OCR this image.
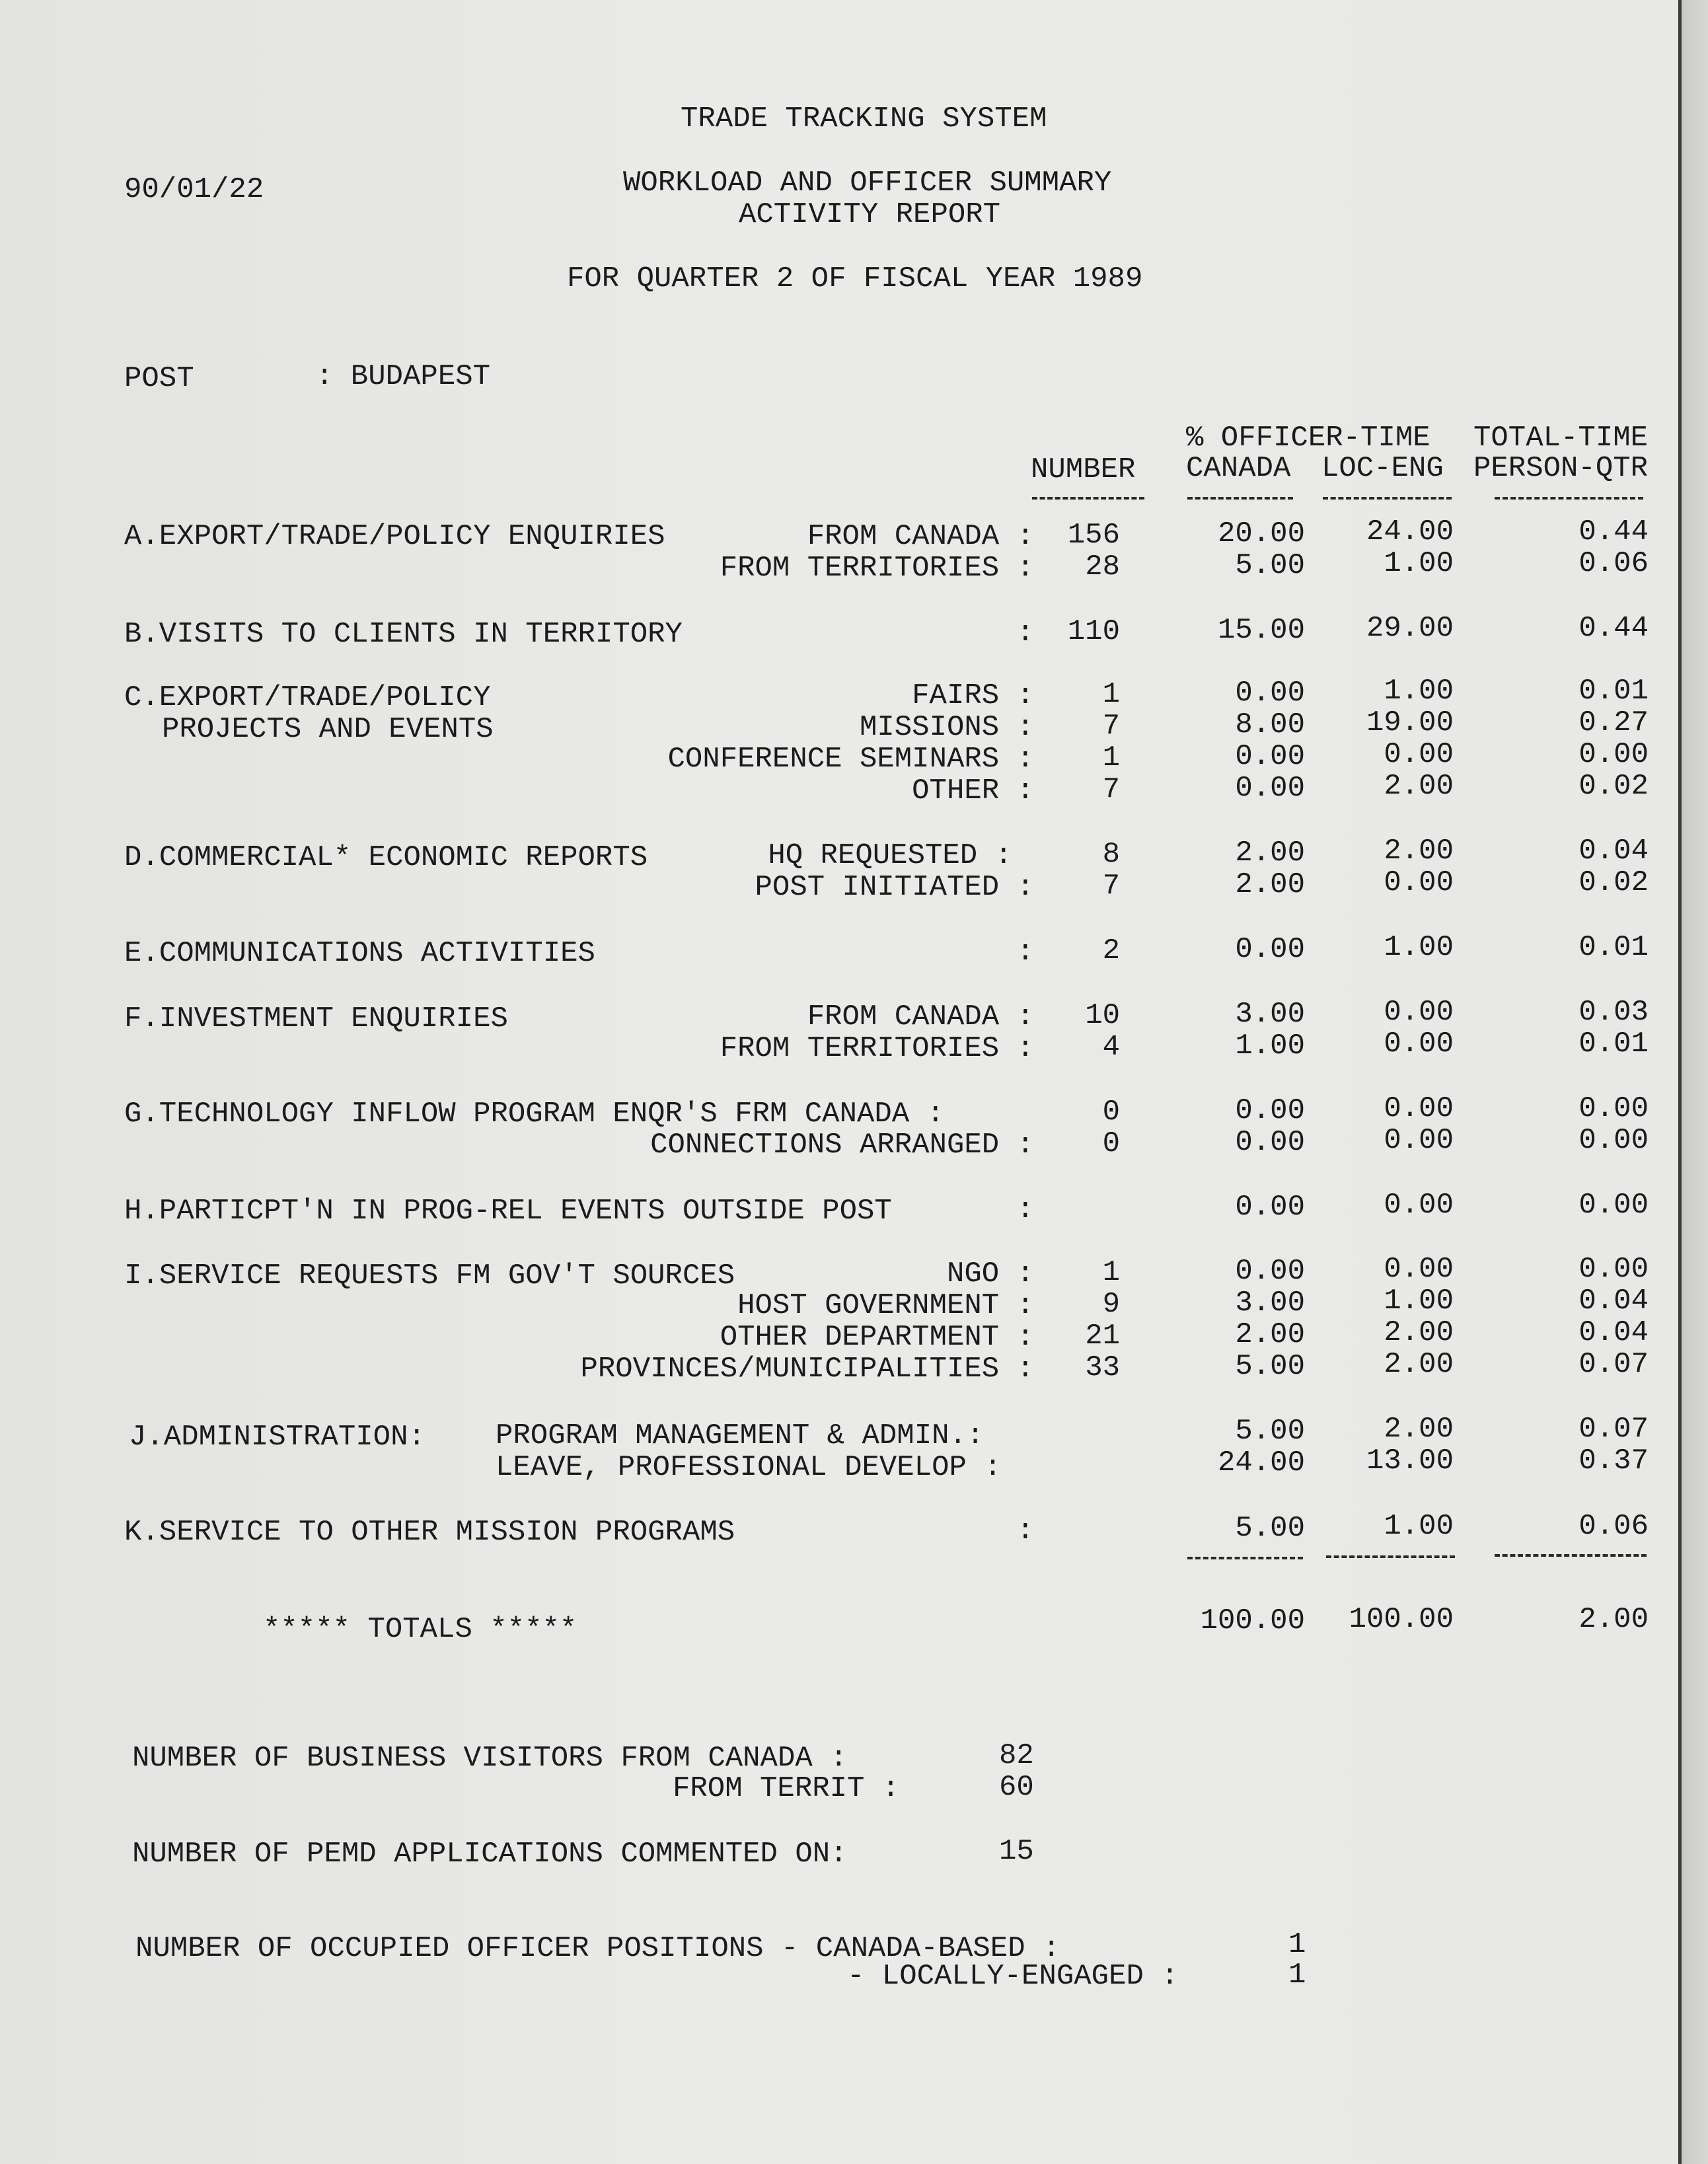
TRADE TRACKING SYSTEM
90/01/22	WORKLOAD AND OFFICER SUMMARY
ACTIVITY REPORT
FOR QUARTER 2 OF FISCAL YEAR 1989
POST	: BUDAPEST
% OFFICER-TIME TOTAL-TIME
NUMBER CANADA LOC-ENG PERSON-QTR
A.EXPORT/TRADE/POLICY ENQUIRIES	FROM CANADA : 156	20.00 24.00	0.44
FROM TERRITORIES : 28	5.00	1.00	0.06
B.VISITS TO CLIENTS IN TERRITORY	: 110	15.00 29.00	0.44
C.EXPORT/TRADE/POLICY
PROJECTS AND EVENTS
FAIRS : 1	0.00	1.00	0.01
MISSIONS : 7	8.00 19.00	0.27
CONFERENCE SEMINARS : 1	0.00	0.00	0.00
OTHER : 7	0.00	2.00	0.02
D.COMMERCIAL* ECONOMIC REPORTS	HQ REQUESTED :	8	2.00	2.00	0.04
POST INITIATED : 7	2.00	0.00	0.02
E.COMMUNICATIONS ACTIVITIES	: 2	0.00	1.00	0.01
F.INVESTMENT ENQUIRIES	FROM CANADA : 10	3.00	0.00	0.03
FROM TERRITORIES : 4	1.00	0.00	0.01
G.TECHNOLOGY INFLOW PROGRAM ENQR'S FRM CANADA :	0	0.00	0.00	0.00
CONNECTIONS ARRANGED : 0	0.00	0.00	0.00
H.PARTICPT'N IN PROG-REL EVENTS OUTSIDE POST	:	0.00	0.00	0.00
I.SERVICE REQUESTS FM GOV'T SOURCES	NGO : 1	0.00	0.00	0.00
HOST GOVERNMENT : 9	3.00	1.00	0.04
OTHER DEPARTMENT : 21	2.00	2.00	0.04
PROVINCES/MUNICIPALITIES : 33	5.00	2.00	0.07
J.ADMINISTRATION: PROGRAM MANAGEMENT & ADMIN.:	5.00	2.00	0.07
LEAVE, PROFESSIONAL DEVELOP :	24.00 13.00	0.37
K.SERVICE TO OTHER MISSION PROGRAMS	:	5.00	1.00	0.06
***** TOTALS *****	100.00 100.00	2.00
NUMBER OF BUSINESS VISITORS FROM CANADA :	82
FROM TERRIT :	60
NUMBER OF PEMD APPLICATIONS COMMENTED ON:	15
NUMBER OF OCCUPIED OFFICER POSITIONS - CANADA-BASED :	1
- LOCALLY-ENGAGED :	1
